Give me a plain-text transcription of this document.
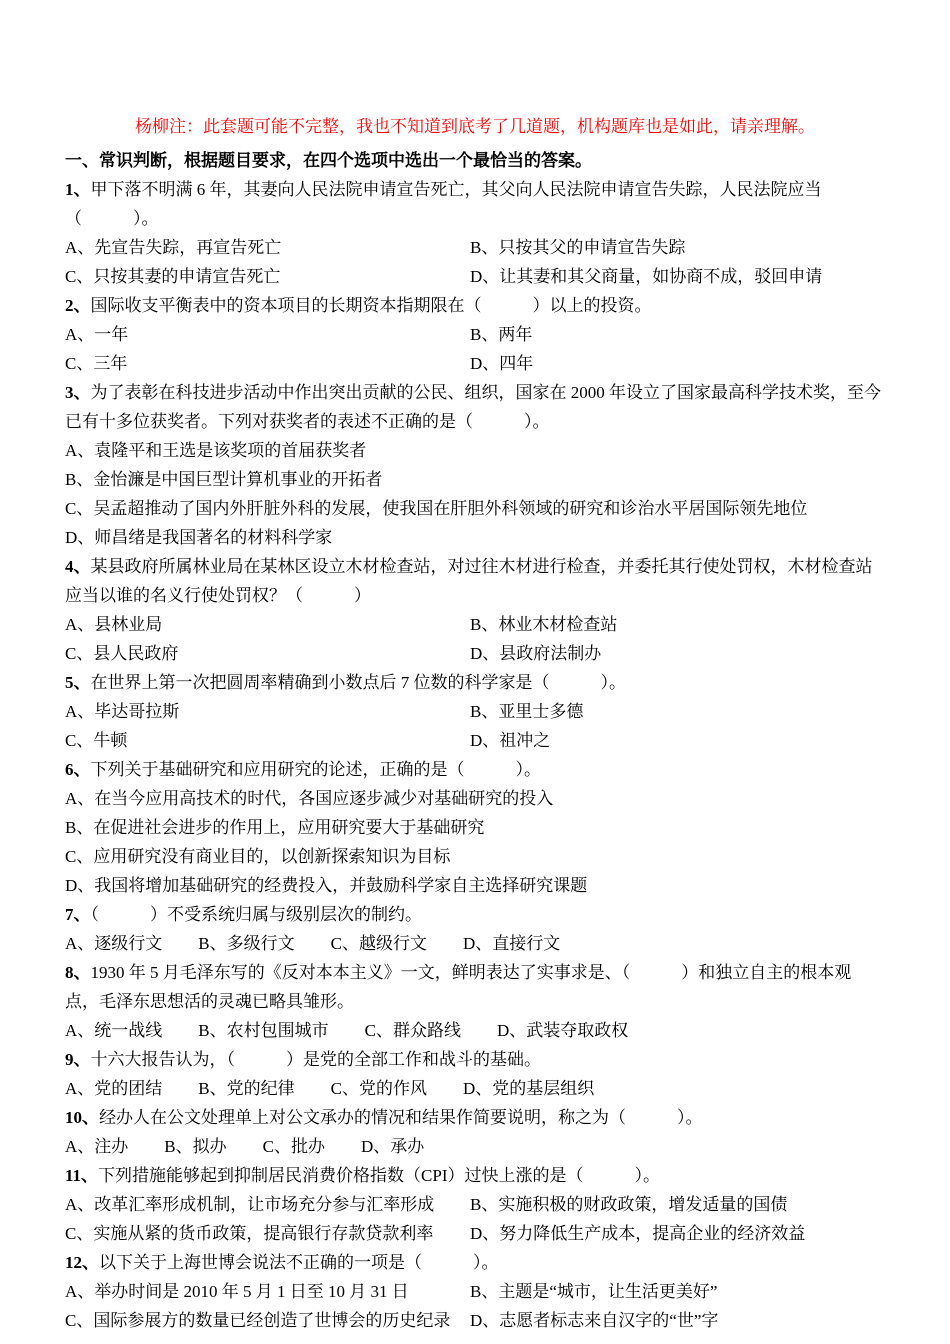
杨柳注：此套题可能不完整，我也不知道到底考了几道题，机构题库也是如此，请亲理解。

一、常识判断，根据题目要求，在四个选项中选出一个最恰当的答案。

1、甲下落不明满 6 年，其妻向人民法院申请宣告死亡，其父向人民法院申请宣告失踪，人民法院应当（　　　）。

A、先宣告失踪，再宣告死亡	B、只按其父的申请宣告失踪
C、只按其妻的申请宣告死亡	D、让其妻和其父商量，如协商不成，驳回申请

2、国际收支平衡表中的资本项目的长期资本指期限在（　　　）以上的投资。

A、一年	B、两年
C、三年	D、四年

3、为了表彰在科技进步活动中作出突出贡献的公民、组织，国家在 2000 年设立了国家最高科学技术奖，至今已有十多位获奖者。下列对获奖者的表述不正确的是（　　　）。

A、袁隆平和王选是该奖项的首届获奖者

B、金怡濂是中国巨型计算机事业的开拓者

C、吴孟超推动了国内外肝脏外科的发展，使我国在肝胆外科领域的研究和诊治水平居国际领先地位

D、师昌绪是我国著名的材料科学家

4、某县政府所属林业局在某林区设立木材检查站，对过往木材进行检查，并委托其行使处罚权，木材检查站应当以谁的名义行使处罚权？（　　　）

A、县林业局	B、林业木材检查站
C、县人民政府	D、县政府法制办

5、在世界上第一次把圆周率精确到小数点后 7 位数的科学家是（　　　）。

A、毕达哥拉斯	B、亚里士多德
C、牛顿	D、祖冲之

6、下列关于基础研究和应用研究的论述，正确的是（　　　）。

A、在当今应用高技术的时代，各国应逐步减少对基础研究的投入

B、在促进社会进步的作用上，应用研究要大于基础研究

C、应用研究没有商业目的，以创新探索知识为目标

D、我国将增加基础研究的经费投入，并鼓励科学家自主选择研究课题

7、（　　　）不受系统归属与级别层次的制约。

A、逐级行文 B、多级行文 C、越级行文 D、直接行文

8、1930 年 5 月毛泽东写的《反对本本主义》一文，鲜明表达了实事求是、（　　　）和独立自主的根本观点，毛泽东思想活的灵魂已略具雏形。

A、统一战线 B、农村包围城市 C、群众路线 D、武装夺取政权

9、十六大报告认为，（　　　）是党的全部工作和战斗的基础。

A、党的团结 B、党的纪律 C、党的作风 D、党的基层组织

10、经办人在公文处理单上对公文承办的情况和结果作简要说明，称之为（　　　）。

A、注办 B、拟办 C、批办 D、承办

11、下列措施能够起到抑制居民消费价格指数（CPI）过快上涨的是（　　　）。

A、改革汇率形成机制，让市场充分参与汇率形成	B、实施积极的财政政策，增发适量的国债
C、实施从紧的货币政策，提高银行存款贷款利率	D、努力降低生产成本，提高企业的经济效益

12、以下关于上海世博会说法不正确的一项是（　　　）。

A、举办时间是 2010 年 5 月 1 日至 10 月 31 日	B、主题是“城市，让生活更美好”
C、国际参展方的数量已经创造了世博会的历史纪录	D、志愿者标志来自汉字的“世”字
